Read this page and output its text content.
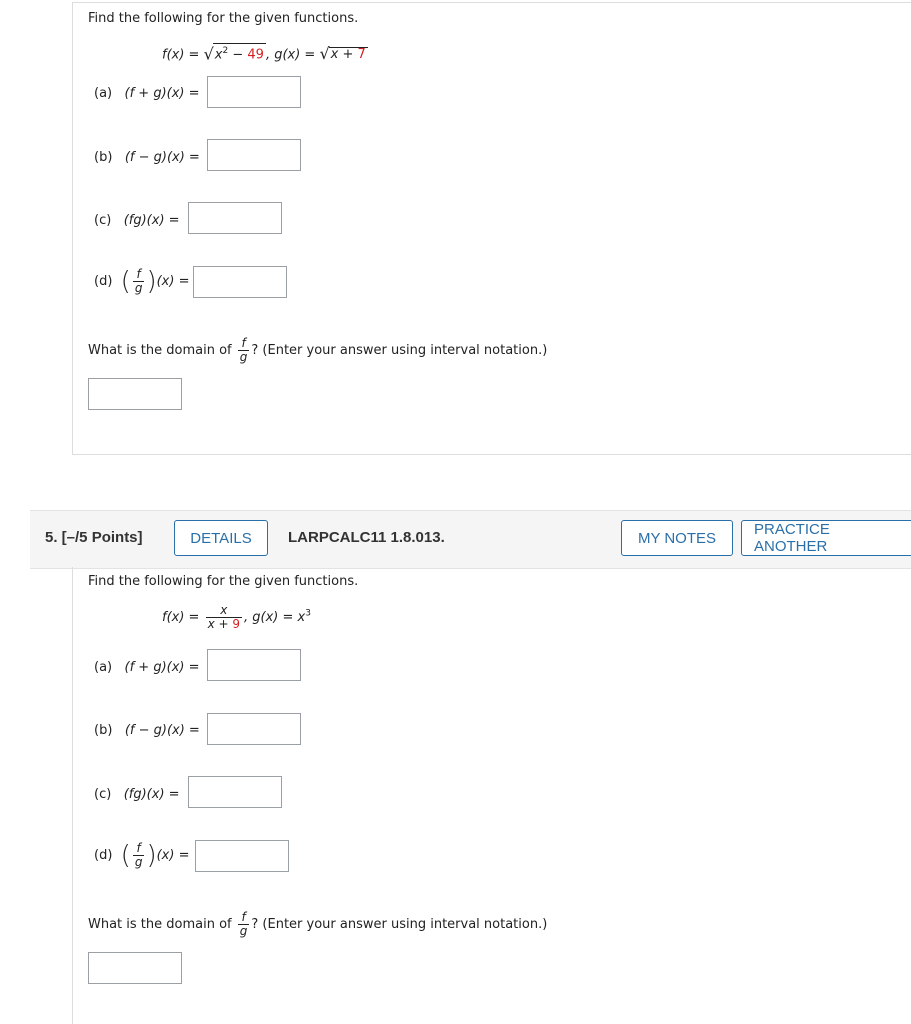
Find the following for the given functions.
$f(x) = √x^2 - 49$ , g(x) = √x + 7
(a) (f + g)(x) =
(b) (f − g)(x) =
(c) (fg)(x) =
(d) ( $\frac{f}{g} )(x)$ =
What is the domain of $\frac{f}{g}$ ? (Enter your answer using interval notation.)
5. [–/5 Points]	DETAILS	LARPCALC11 1.8.013.	MY NOTES	PRACTICE ANOTHER
Find the following for the given functions.
$f(x) = \frac{x}{x + 9}$ , $g(x) = x^3$
(a) (f + g)(x) =
(b) (f − g)(x) =
(c) (fg)(x) =
(d) ( $\frac{f}{g} )(x)$ =
What is the domain of $\frac{f}{g}$ ? (Enter your answer using interval notation.)
